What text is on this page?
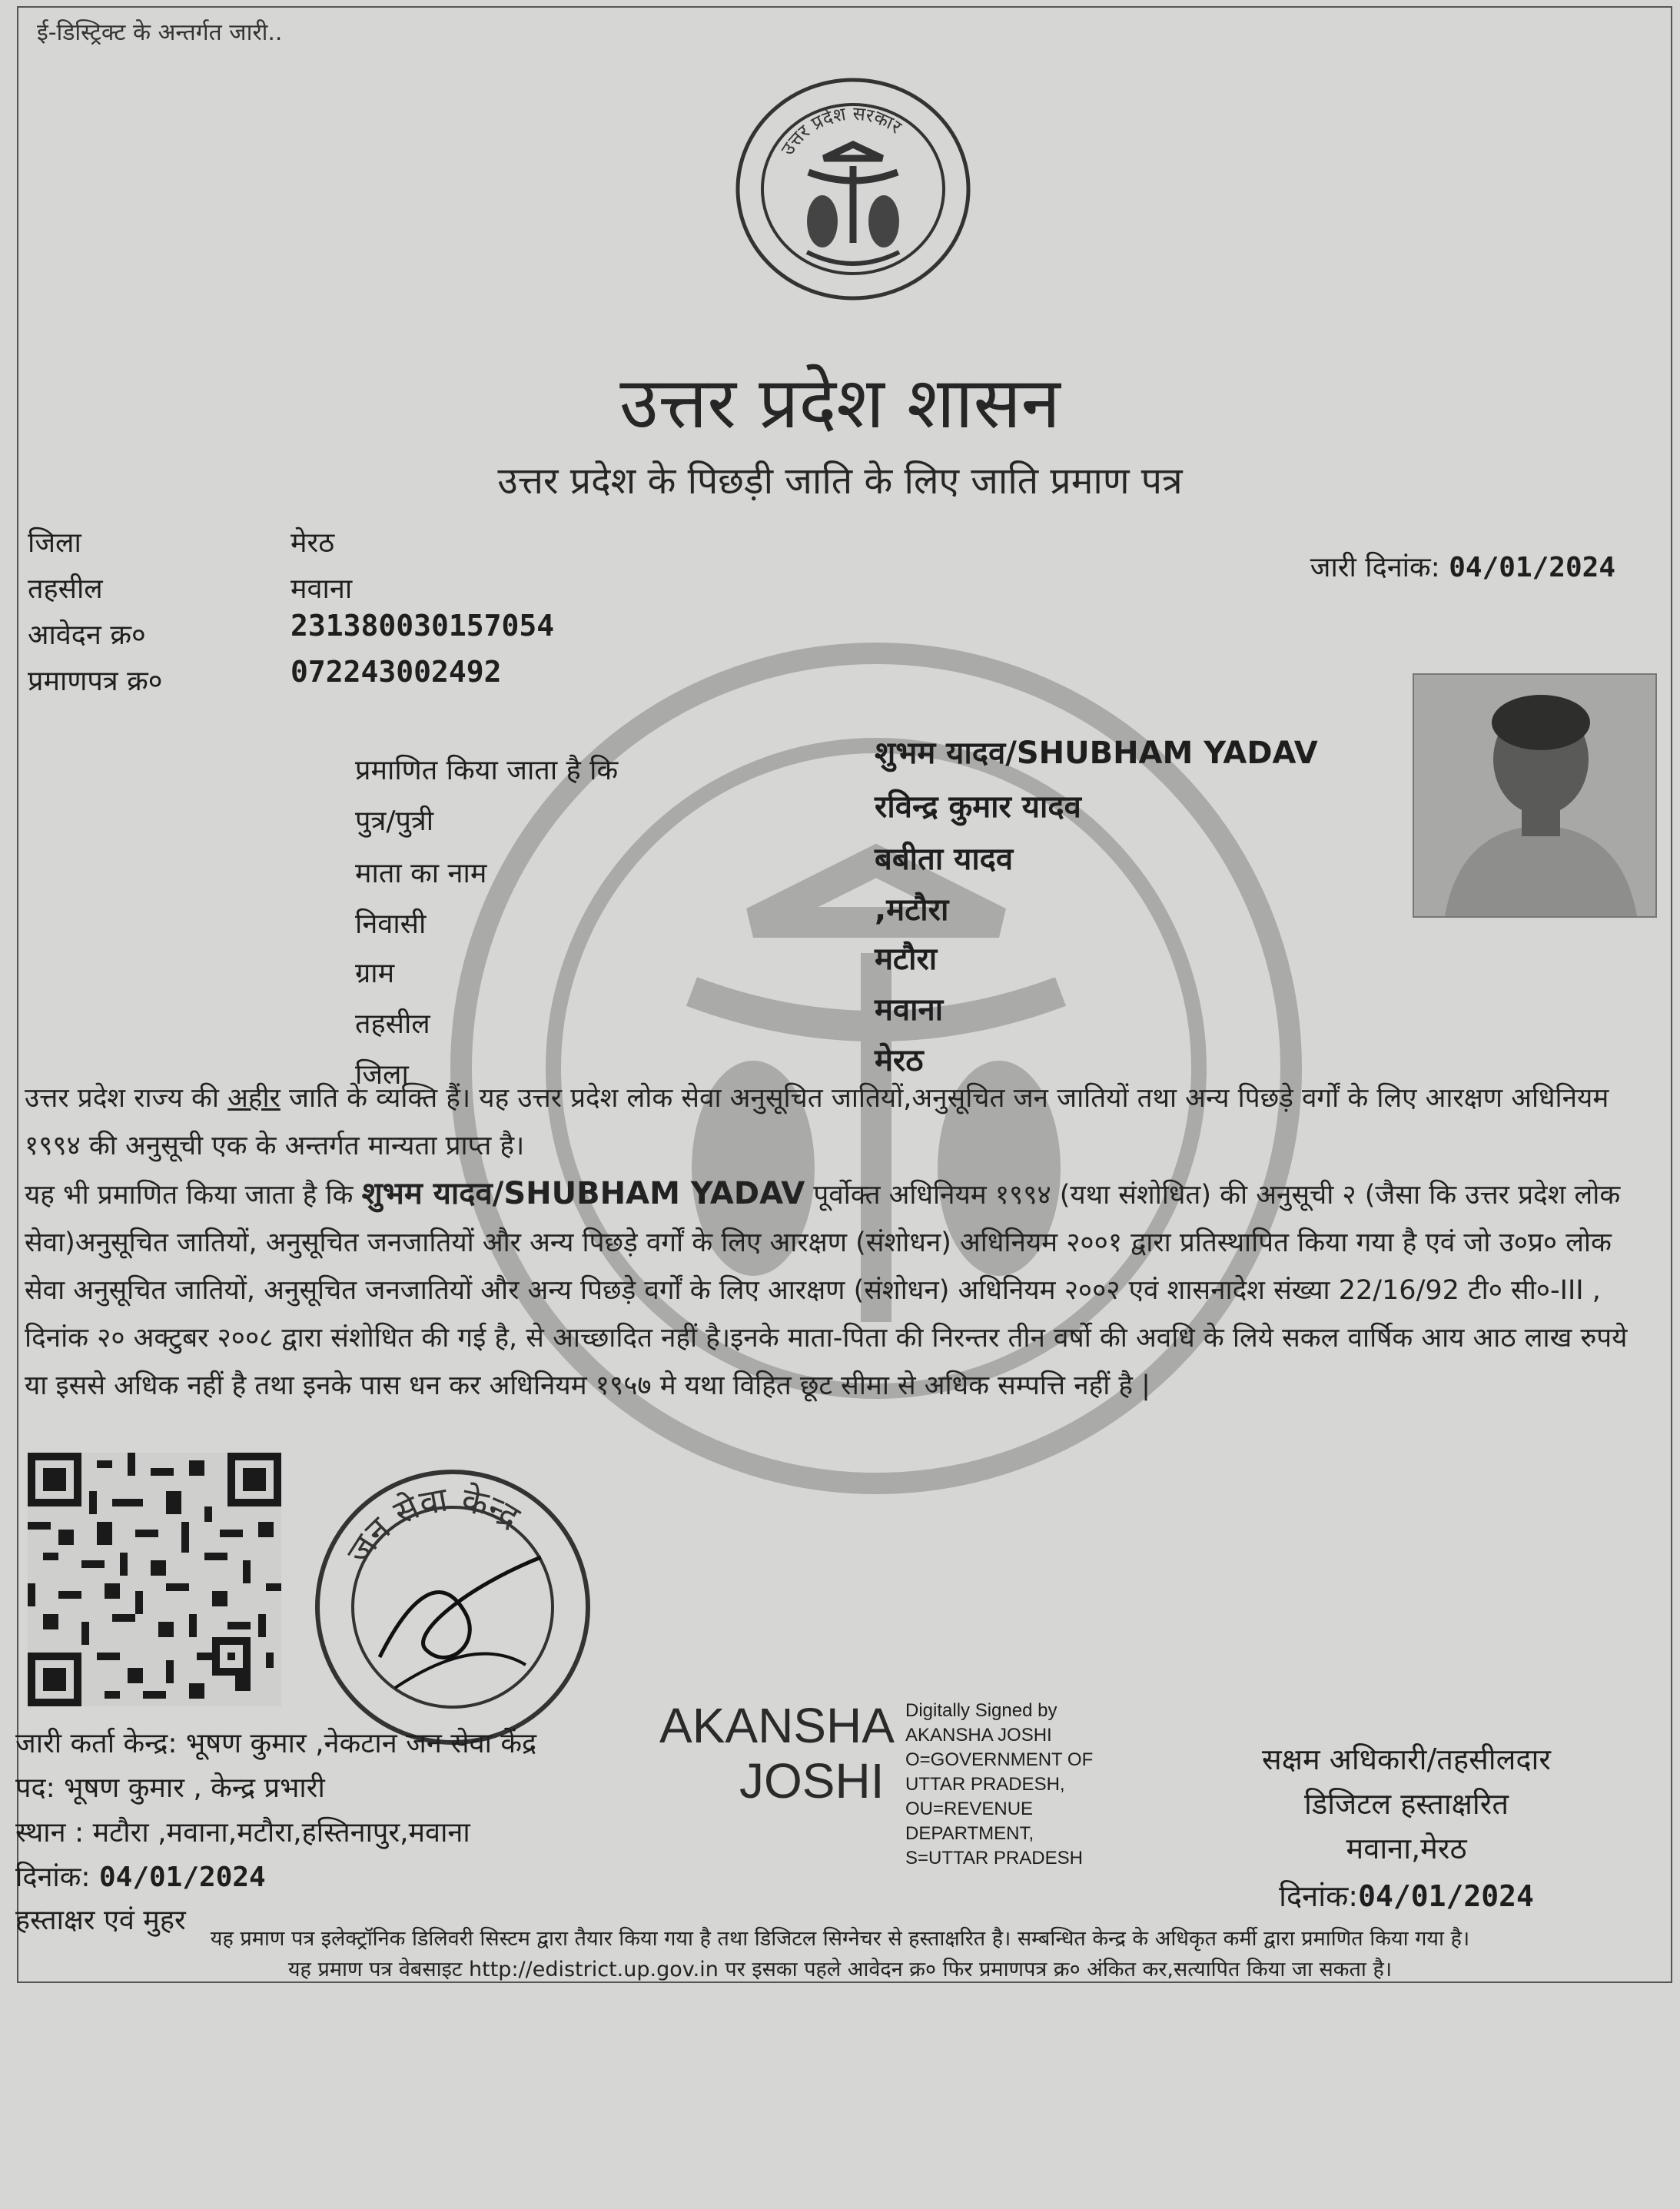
ई-डिस्ट्रिक्ट के अन्तर्गत जारी..
उत्तर प्रदेश सरकार
उत्तर प्रदेश शासन
उत्तर प्रदेश के पिछड़ी जाति के लिए जाति प्रमाण पत्र
जिला	मेरठ
तहसील	मवाना
आवेदन क्र०	231380030157054
प्रमाणपत्र क्र०	072243002492
जारी दिनांक: 04/01/2024
प्रमाणित किया जाता है कि	शुभम यादव/SHUBHAM YADAV
पुत्र/पुत्री	रविन्द्र कुमार यादव
माता का नाम	बबीता यादव
निवासी	,मटौरा
ग्राम	मटौरा
तहसील	मवाना
जिला	मेरठ
उत्तर प्रदेश राज्य की अहीर जाति के व्यक्ति हैं। यह उत्तर प्रदेश लोक सेवा अनुसूचित जातियों,अनुसूचित जन जातियों तथा अन्य पिछड़े वर्गों के लिए आरक्षण अधिनियम १९९४ की अनुसूची एक के अन्तर्गत मान्यता प्राप्त है।
यह भी प्रमाणित किया जाता है कि शुभम यादव/SHUBHAM YADAV पूर्वोक्त अधिनियम १९९४ (यथा संशोधित) की अनुसूची २ (जैसा कि उत्तर प्रदेश लोक सेवा)अनुसूचित जातियों, अनुसूचित जनजातियों और अन्य पिछड़े वर्गों के लिए आरक्षण (संशोधन) अधिनियम २००१ द्वारा प्रतिस्थापित किया गया है एवं जो उ०प्र० लोक सेवा अनुसूचित जातियों, अनुसूचित जनजातियों और अन्य पिछड़े वर्गों के लिए आरक्षण (संशोधन) अधिनियम २००२ एवं शासनादेश संख्या 22/16/92 टी० सी०-III , दिनांक २० अक्टुबर २००८ द्वारा संशोधित की गई है, से आच्छादित नहीं है।इनके माता-पिता की निरन्तर तीन वर्षो की अवधि के लिये सकल वार्षिक आय आठ लाख रुपये या इससे अधिक नहीं है तथा इनके पास धन कर अधिनियम १९५७ मे यथा विहित छूट सीमा से अधिक सम्पत्ति नहीं है |
जन सेवा केन्द्र
जारी कर्ता केन्द्र: भूषण कुमार ,नेकटान जन सेवा केंद्र
पद: भूषण कुमार , केन्द्र प्रभारी
स्थान : मटौरा ,मवाना,मटौरा,हस्तिनापुर,मवाना
दिनांक: 04/01/2024
हस्ताक्षर एवं मुहर
AKANSHA
JOSHI
Digitally Signed by
AKANSHA JOSHI
O=GOVERNMENT OF
UTTAR PRADESH,
OU=REVENUE
DEPARTMENT,
S=UTTAR PRADESH
सक्षम अधिकारी/तहसीलदार
डिजिटल हस्ताक्षरित
मवाना,मेरठ
दिनांक:04/01/2024
यह प्रमाण पत्र इलेक्ट्रॉनिक डिलिवरी सिस्टम द्वारा तैयार किया गया है तथा डिजिटल सिग्नेचर से हस्ताक्षरित है। सम्बन्धित केन्द्र के अधिकृत कर्मी द्वारा प्रमाणित किया गया है।
यह प्रमाण पत्र वेबसाइट http://edistrict.up.gov.in पर इसका पहले आवेदन क्र० फिर प्रमाणपत्र क्र० अंकित कर,सत्यापित किया जा सकता है।
